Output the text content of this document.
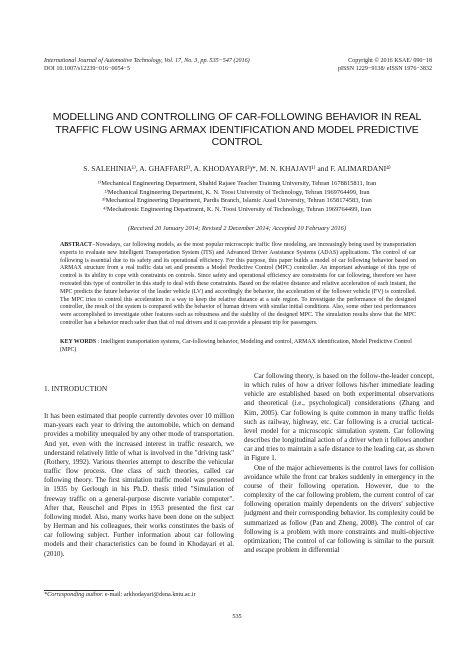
International Journal of Automotive Technology, Vol. 17, No. 3, pp. 535−547 (2016)
DOI 10.1007/s12239−016−0054−5
Copyright © 2016 KSAE/ 090−18
pISSN 1229−9138/ eISSN 1976−3832
MODELLING AND CONTROLLING OF CAR-FOLLOWING BEHAVIOR IN REAL TRAFFIC FLOW USING ARMAX IDENTIFICATION AND MODEL PREDICTIVE CONTROL
S. SALEHINIA¹⁾, A. GHAFFARI²⁾, A. KHODAYARI³)*, M. N. KHAJAVI¹⁾ and F. ALIMARDANI⁴⁾
¹⁾Mechanical Engineering Department, Shahid Rajaee Teacher Training University, Tehran 1678815811, Iran
²⁾Mechanical Engineering Department, K. N. Toosi University of Technology, Tehran 1969764499, Iran
³⁾Mechanical Engineering Department, Pardis Branch, Islamic Azad University, Tehran 1658174583, Iran
⁴⁾Mechatronic Engineering Department, K. N. Toosi University of Technology, Tehran 1969764499, Iran
(Received 20 January 2014; Revised 2 December 2014; Accepted 10 February 2016)
ABSTRACT−Nowadays, car following models, as the most popular microscopic traffic flow modeling, are increasingly being used by transportation experts to evaluate new Intelligent Transportation System (ITS) and Advanced Driver Assistance Systems (ADAS) applications. The control of car following is essential due to its safety and its operational efficiency. For this purpose, this paper builds a model of car following behavior based on ARMAX structure from a real traffic data set and presents a Model Predictive Control (MPC) controller. An important advantage of this type of control is its ability to cope with constraints on controls. Since safety and operational efficiency are constraints for car following, therefore we have recreated this type of controller in this study to deal with these constraints. Based on the relative distance and relative acceleration of each instant, the MPC predicts the future behavior of the leader vehicle (LV) and accordingly the behavior, the acceleration of the follower vehicle (FV) is controlled. The MPC tries to control this acceleration in a way to keep the relative distance at a safe region. To investigate the performance of the designed controller, the result of the system is compared with the behavior of human drivers with similar initial conditions. Also, some other test performances were accomplished to investigate other features such as robustness and the stability of the designed MPC. The simulation results show that the MPC controller has a behavior much safer than that of real drivers and it can provide a pleasant trip for passengers.
KEY WORDS : Intelligent transportation systems, Car-following behavior, Modeling and control, ARMAX identification, Model Predictive Control (MPC)
1. INTRODUCTION

It has been estimated that people currently devotes over 10 million man-years each year to driving the automobile, which on demand provides a mobility unequaled by any other mode of transportation. And yet, even with the increased interest in traffic research, we understand relatively little of what is involved in the "driving task" (Rothery, 1992). Various theories attempt to describe the vehicular traffic flow process. One class of such theories, called car following theory. The first simulation traffic model was presented in 1935 by Gerlough in his Ph.D. thesis titled "Simulation of freeway traffic on a general-purpose discrete variable computer". After that, Reuschel and Pipes in 1953 presented the first car following model. Also, many works have been done on the subject by Herman and his colleagues, their works constitutes the basis of car following subject. Further information about car following models and their characteristics can be found in Khodayari et al. (2010).

Car following theory, is based on the follow-the-leader concept, in which rules of how a driver follows his/her immediate leading vehicle are established based on both experimental observations and theoretical (i.e., psychological) considerations (Zhang and Kim, 2005). Car following is quite common in many traffic fields such as railway, highway, etc. Car following is a crucial tactical-level model for a microscopic simulation system. Car following describes the longitudinal action of a driver when it follows another car and tries to maintain a safe distance to the leading car, as shown in Figure 1.

One of the major achievements is the control laws for collision avoidance while the front car brakes suddenly in emergency in the course of their following operation. However, due to the complexity of the car following problem, the current control of car following operation mainly dependents on the drivers' subjective judgment and their corresponding behavior. Its complexity could be summarized as follow (Pan and Zheng, 2008). The control of car following is a problem with more constraints and multi-objective optimization; The control of car following is similar to the pursuit and escape problem in differential

*Corresponding author. e-mail: arkhodayari@dena.kntu.ac.ir
535
